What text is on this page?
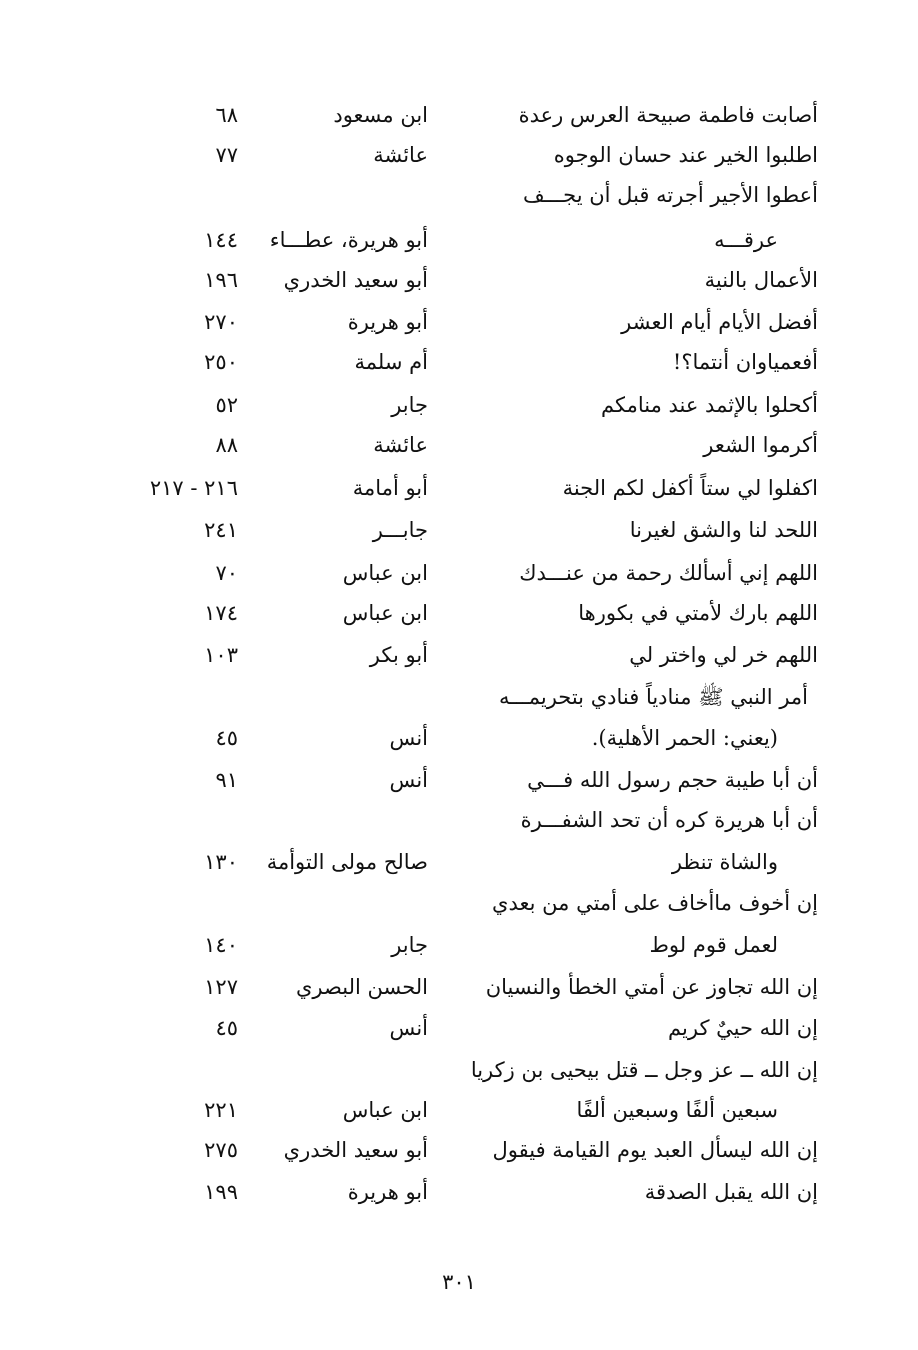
أصابت فاطمة صبيحة العرس رعدة
ابن مسعود
٦٨
اطلبوا الخير عند حسان الوجوه
عائشة
٧٧
أعطوا الأجير أجرته قبل أن يجـــف
عرقـــه
أبو هريرة، عطـــاء
١٤٤
الأعمال بالنية
أبو سعيد الخدري
١٩٦
أفضل الأيام أيام العشر
أبو هريرة
٢٧٠
أفعمياوان أنتما؟!
أم سلمة
٢٥٠
أكحلوا بالإثمد عند منامكم
جابر
٥٢
أكرموا الشعر
عائشة
٨٨
اكفلوا لي ستاً أكفل لكم الجنة
أبو أمامة
٢١٦ - ٢١٧
اللحد لنا والشق لغيرنا
جابـــر
٢٤١
اللهم إني أسألك رحمة من عنـــدك
ابن عباس
٧٠
اللهم بارك لأمتي في بكورها
ابن عباس
١٧٤
اللهم خر لي واختر لي
أبو بكر
١٠٣
أمر النبي ﷺ منادياً فنادي بتحريمـــه
(يعني: الحمر الأهلية).
أنس
٤٥
أن أبا طيبة حجم رسول الله فـــي
أنس
٩١
أن أبا هريرة كره أن تحد الشفـــرة
والشاة تنظر
صالح مولى التوأمة
١٣٠
إن أخوف ماأخاف على أمتي من بعدي
لعمل قوم لوط
جابر
١٤٠
إن الله تجاوز عن أمتي الخطأ والنسيان
الحسن البصري
١٢٧
إن الله حييٌ كريم
أنس
٤٥
إن الله ــ عز وجل ــ قتل بيحيى بن زكريا
سبعين ألفًا وسبعين ألفًا
ابن عباس
٢٢١
إن الله ليسأل العبد يوم القيامة فيقول
أبو سعيد الخدري
٢٧٥
إن الله يقبل الصدقة
أبو هريرة
١٩٩
٣٠١
